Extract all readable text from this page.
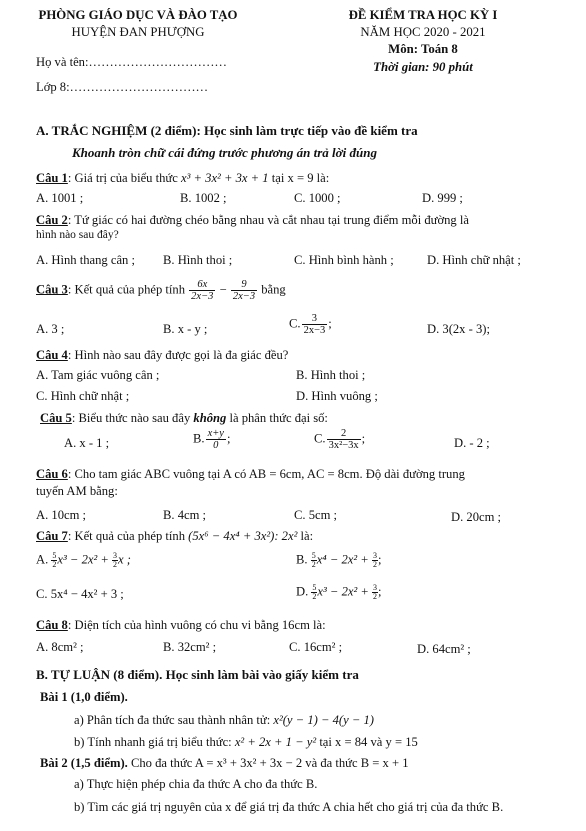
PHÒNG GIÁO DỤC VÀ ĐÀO TẠO
HUYỆN ĐAN PHƯỢNG
ĐỀ KIỂM TRA HỌC KỲ I
NĂM HỌC 2020 - 2021
Môn: Toán 8
Thời gian: 90 phút
Họ và tên:……………………………
Lớp 8:……………………………
A. TRẮC NGHIỆM (2 điểm): Học sinh làm trực tiếp vào đề kiểm tra
Khoanh tròn chữ cái đứng trước phương án trả lời đúng
Câu 1: Giá trị của biểu thức x³ + 3x² + 3x + 1 tại x = 9 là:
A. 1001 ;	B. 1002 ;	C. 1000 ;	D. 999 ;
Câu 2: Tứ giác có hai đường chéo bằng nhau và cắt nhau tại trung điểm mỗi đường là
hình nào sau đây?
A. Hình thang cân ; B. Hình thoi ;	C. Hình bình hành ;	D. Hình chữ nhật ;
Câu 3: Kết quả của phép tính $\frac{6x}{2x-3} - \frac{9}{2x-3}$ bằng
A. 3 ;	B. x - y ;	C. $\frac{3}{2x-3}$ ;	D. 3(2x - 3);
Câu 4: Hình nào sau đây được gọi là đa giác đều?
A. Tam giác vuông cân ;	B. Hình thoi ;
C. Hình chữ nhật ;	D. Hình vuông ;
Câu 5: Biểu thức nào sau đây không là phân thức đại số:
A. x - 1 ;	B. $\frac{x+y}{0}$ ;	C. $\frac{2}{\text{3x²−3x}}$ ;	D. - 2 ;
Câu 6: Cho tam giác ABC vuông tại A có AB = 6cm, AC = 8cm. Độ dài đường trung
tuyến AM bằng:
A. 10cm ;	B. 4cm ;	C. 5cm ;	D. 20cm ;
Câu 7: Kết quả của phép tính (5x⁶ − 4x⁴ + 3x²): 2x² là:
A. $\frac{5}{2} x^3 - 2x^2 + \frac{3}{2}$ x ;	B. $\frac{5}{2} x^4 - 2x^2 + \frac{3}{2}$ ;
C. 5x⁴ − 4x² + 3 ;	D. $\frac{5}{2} x^3 - 2x^2 + \frac{3}{2}$ ;
Câu 8: Diện tích của hình vuông có chu vi bằng 16cm là:
A. 8cm² ;	B. 32cm² ;	C. 16cm² ;	D. 64cm² ;
B. TỰ LUẬN (8 điểm). Học sinh làm bài vào giấy kiểm tra
Bài 1 (1,0 điểm).
a) Phân tích đa thức sau thành nhân tử: x²(y − 1) − 4(y − 1)
b) Tính nhanh giá trị biểu thức: x² + 2x + 1 − y² tại x = 84 và y = 15
Bài 2 (1,5 điểm). Cho đa thức A = x³ + 3x² + 3x − 2 và đa thức B = x + 1
a) Thực hiện phép chia đa thức A cho đa thức B.
b) Tìm các giá trị nguyên của x để giá trị đa thức A chia hết cho giá trị của đa thức B.
